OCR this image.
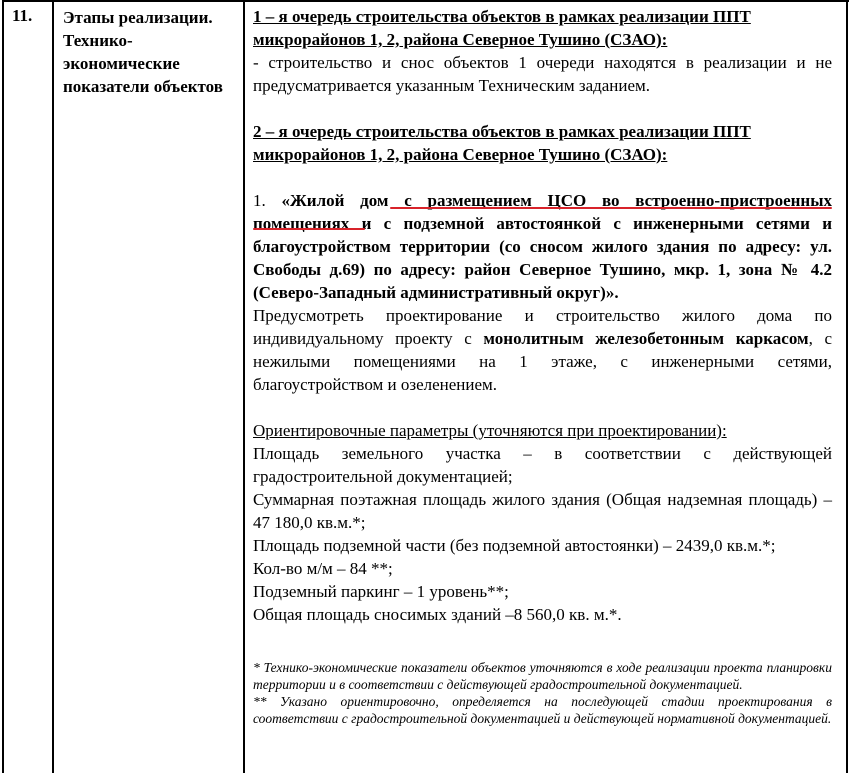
11. Этапы реализации. Технико-экономические показатели объектов

1 – я очередь строительства объектов в рамках реализации ППТ микрорайонов 1, 2, района Северное Тушино (СЗАО):

- строительство и снос объектов 1 очереди находятся в реализации и не предусматривается указанным Техническим заданием.

2 – я очередь строительства объектов в рамках реализации ППТ микрорайонов 1, 2, района Северное Тушино (СЗАО):

1. «Жилой дом с размещением ЦСО во встроенно-пристроенных помещениях и с подземной автостоянкой с инженерными сетями и благоустройством территории (со сносом жилого здания по адресу: ул. Свободы д.69) по адресу: район Северное Тушино, мкр. 1, зона № 4.2 (Северо-Западный административный округ)».

Предусмотреть проектирование и строительство жилого дома по индивидуальному проекту с монолитным железобетонным каркасом, с нежилыми помещениями на 1 этаже, с инженерными сетями, благоустройством и озеленением.

Ориентировочные параметры (уточняются при проектировании):

Площадь земельного участка – в соответствии с действующей градостроительной документацией;

Суммарная поэтажная площадь жилого здания (Общая надземная площадь) – 47 180,0 кв.м.*;

Площадь подземной части (без подземной автостоянки) – 2439,0 кв.м.*;

Кол-во м/м – 84 **;

Подземный паркинг – 1 уровень**;

Общая площадь сносимых зданий –8 560,0 кв. м.*.

* Технико-экономические показатели объектов уточняются в ходе реализации проекта планировки территории и в соответствии с действующей градостроительной документацией.

** Указано ориентировочно, определяется на последующей стадии проектирования в соответствии с градостроительной документацией и действующей нормативной документацией.
